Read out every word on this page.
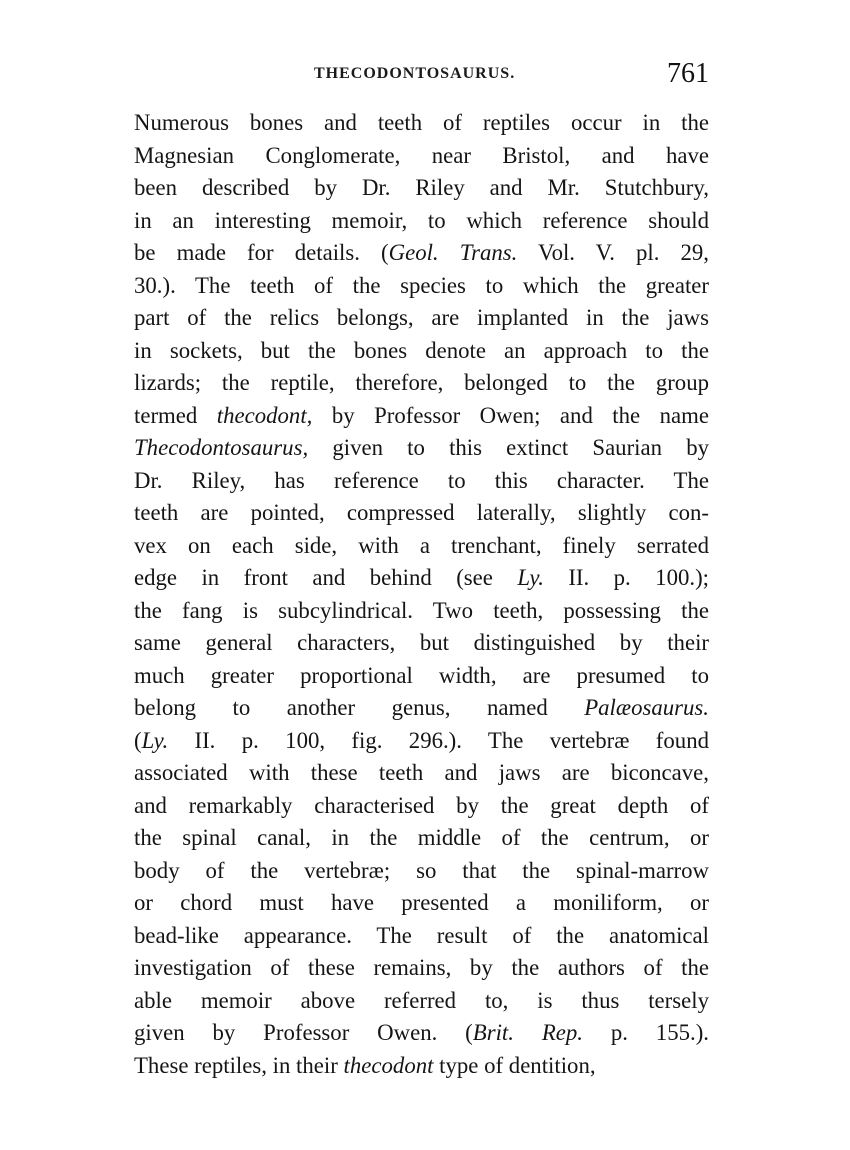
THECODONTOSAURUS.	761
Numerous bones and teeth of reptiles occur in the
Magnesian Conglomerate, near Bristol, and have
been described by Dr. Riley and Mr. Stutchbury,
in an interesting memoir, to which reference should
be made for details. (Geol. Trans. Vol. V. pl. 29,
30.). The teeth of the species to which the greater
part of the relics belongs, are implanted in the jaws
in sockets, but the bones denote an approach to the
lizards; the reptile, therefore, belonged to the group
termed thecodont, by Professor Owen; and the name
Thecodontosaurus, given to this extinct Saurian by
Dr. Riley, has reference to this character. The
teeth are pointed, compressed laterally, slightly con-
vex on each side, with a trenchant, finely serrated
edge in front and behind (see Ly. II. p. 100.);
the fang is subcylindrical. Two teeth, possessing the
same general characters, but distinguished by their
much greater proportional width, are presumed to
belong to another genus, named Palæosaurus.
(Ly. II. p. 100, fig. 296.). The vertebræ found
associated with these teeth and jaws are biconcave,
and remarkably characterised by the great depth of
the spinal canal, in the middle of the centrum, or
body of the vertebræ; so that the spinal-marrow
or chord must have presented a moniliform, or
bead-like appearance. The result of the anatomical
investigation of these remains, by the authors of the
able memoir above referred to, is thus tersely
given by Professor Owen. (Brit. Rep. p. 155.).
These reptiles, in their thecodont type of dentition,
